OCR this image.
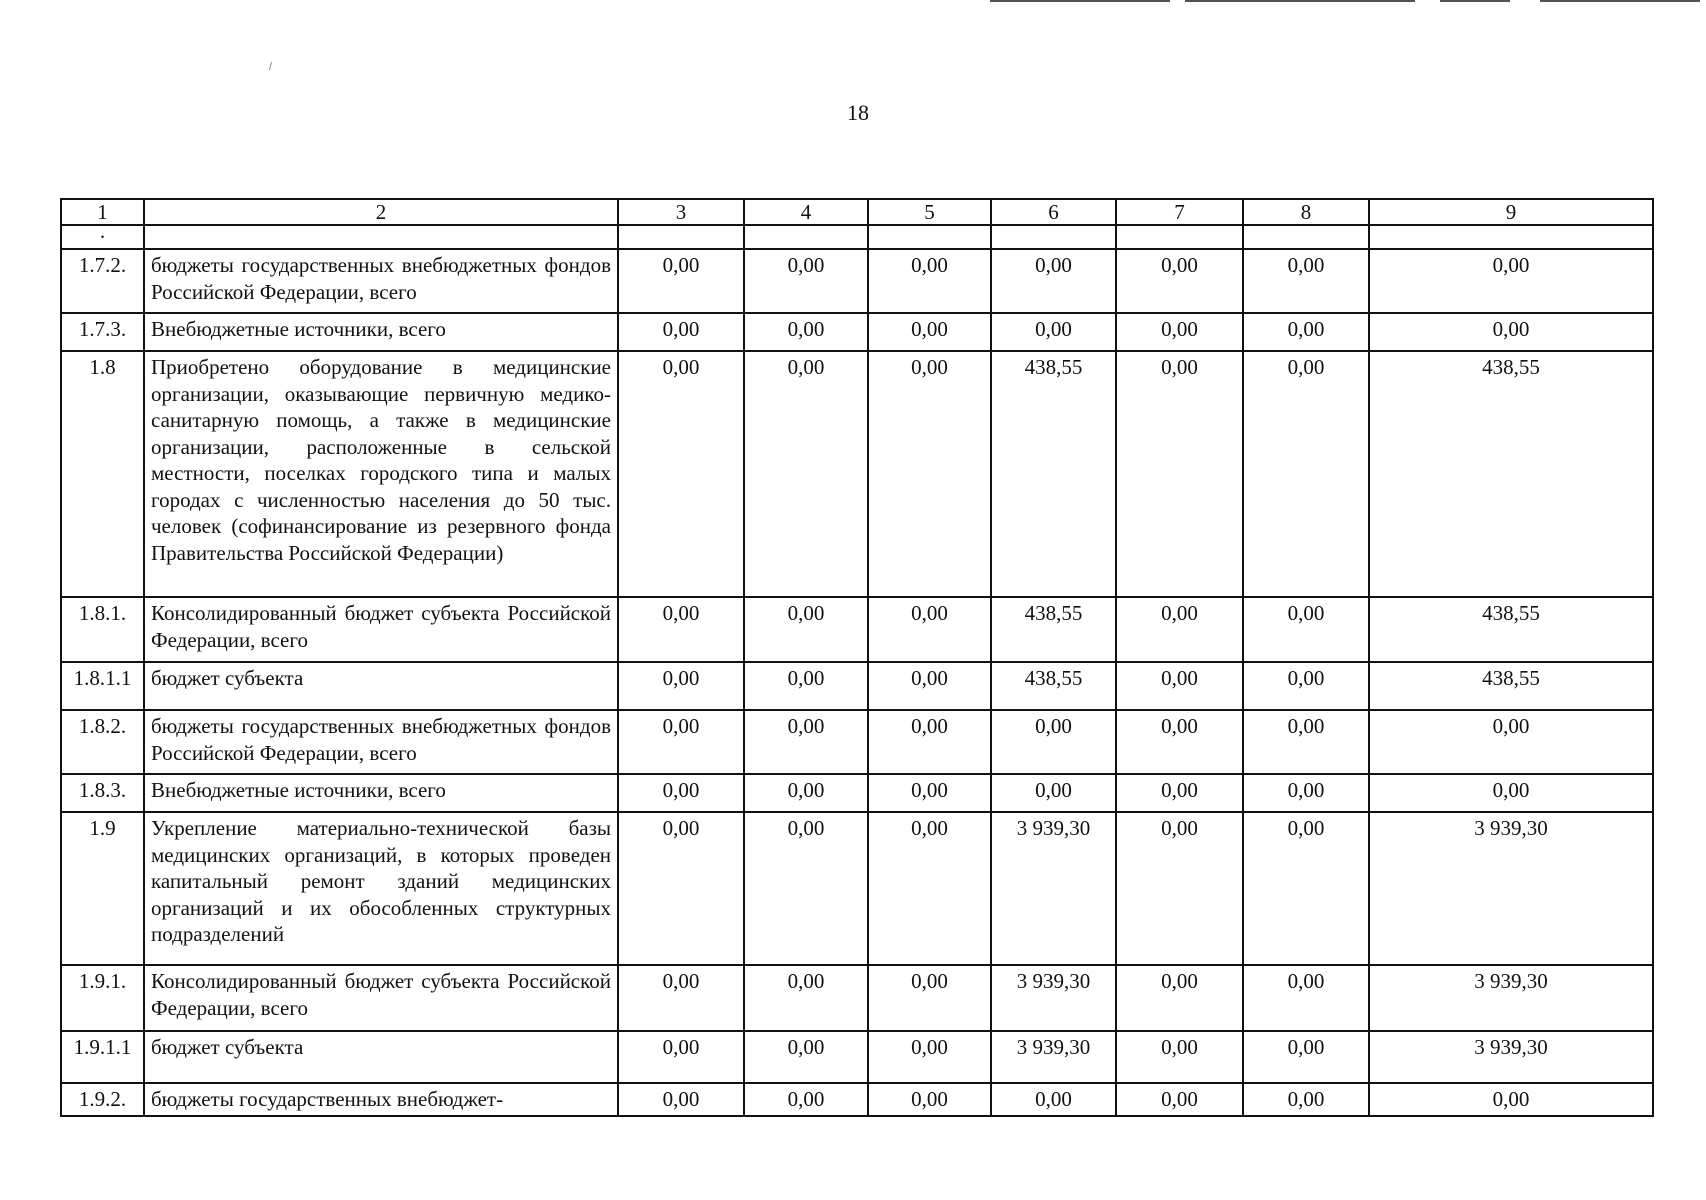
18
1	2	3	4	5	6	7	8	9

.								

1.7.2.	бюджеты государственных внебюджетных фондов Российской Федерации, всего	0,00	0,00	0,00	0,00	0,00	0,00	0,00
1.7.3.	Внебюджетные источники, всего	0,00	0,00	0,00	0,00	0,00	0,00	0,00
1.8	Приобретено оборудование в медицинские организации, оказывающие первичную медико-санитарную помощь, а также в медицинские организации, расположенные в сельской местности, поселках городского типа и малых городах с численностью населения до 50 тыс. человек (софинансирование из резервного фонда Правительства Российской Федерации)	0,00	0,00	0,00	438,55	0,00	0,00	438,55
1.8.1.	Консолидированный бюджет субъекта Российской Федерации, всего	0,00	0,00	0,00	438,55	0,00	0,00	438,55
1.8.1.1	бюджет субъекта	0,00	0,00	0,00	438,55	0,00	0,00	438,55
1.8.2.	бюджеты государственных внебюджетных фондов Российской Федерации, всего	0,00	0,00	0,00	0,00	0,00	0,00	0,00
1.8.3.	Внебюджетные источники, всего	0,00	0,00	0,00	0,00	0,00	0,00	0,00
1.9	Укрепление материально-технической базы медицинских организаций, в которых проведен капитальный ремонт зданий медицинских организаций и их обособленных структурных подразделений	0,00	0,00	0,00	3 939,30	0,00	0,00	3 939,30
1.9.1.	Консолидированный бюджет субъекта Российской Федерации, всего	0,00	0,00	0,00	3 939,30	0,00	0,00	3 939,30
1.9.1.1	бюджет субъекта	0,00	0,00	0,00	3 939,30	0,00	0,00	3 939,30
1.9.2.	бюджеты государственных внебюджет-	0,00	0,00	0,00	0,00	0,00	0,00	0,00
